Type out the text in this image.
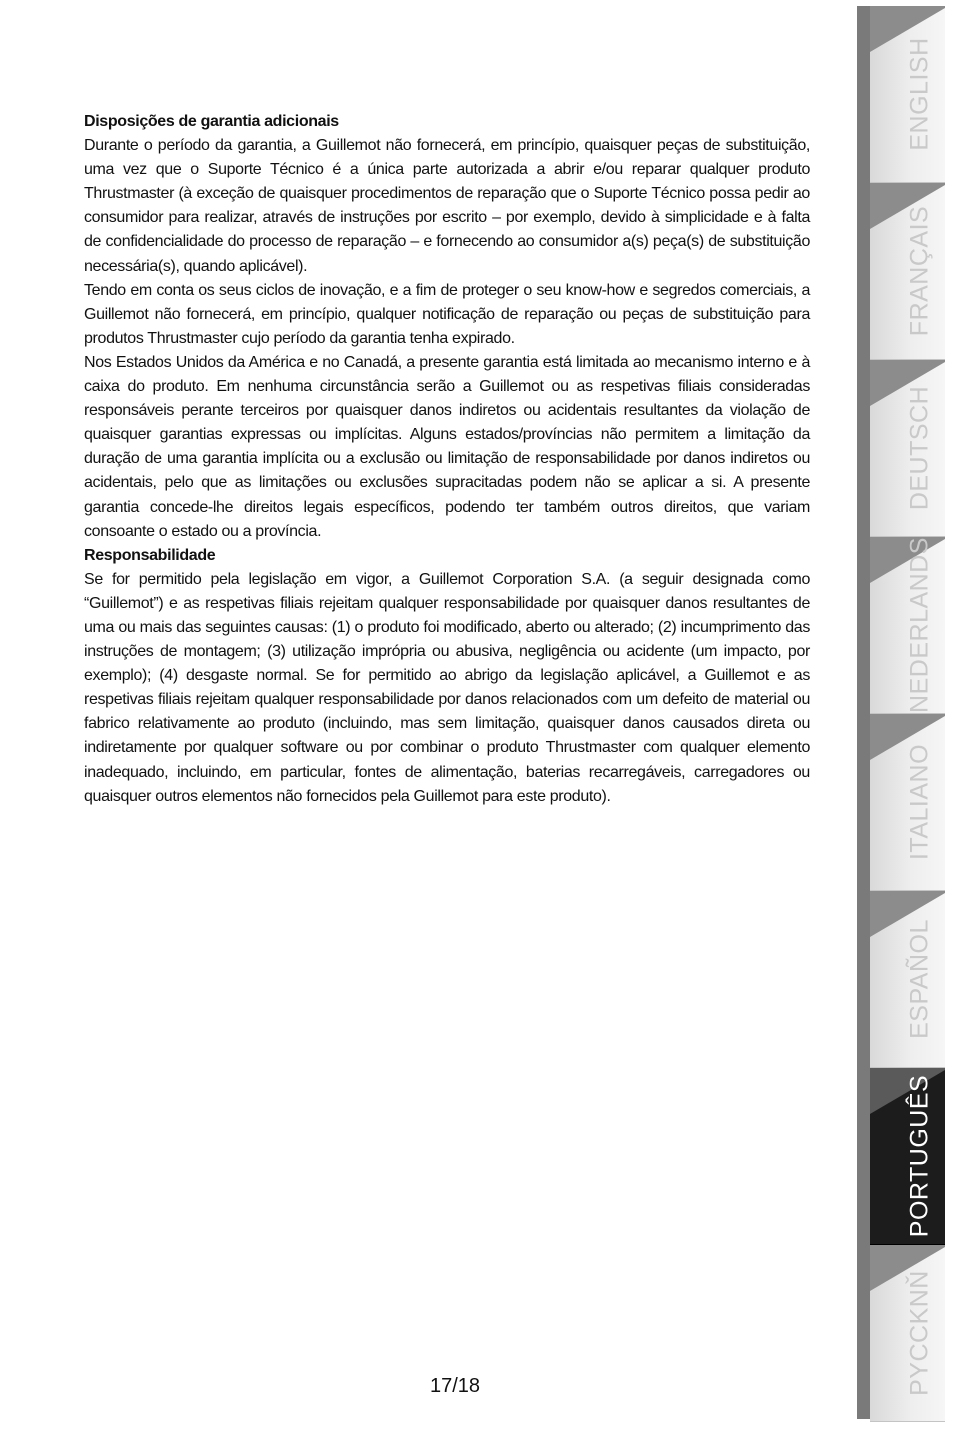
Disposições de garantia adicionais

Durante o período da garantia, a Guillemot não fornecerá, em princípio, quaisquer peças de substituição, uma vez que o Suporte Técnico é a única parte autorizada a abrir e/ou reparar qualquer produto Thrustmaster (à exceção de quaisquer procedimentos de reparação que o Suporte Técnico possa pedir ao consumidor para realizar, através de instruções por escrito – por exemplo, devido à simplicidade e à falta de confidencialidade do processo de reparação – e fornecendo ao consumidor a(s) peça(s) de substituição necessária(s), quando aplicável).

Tendo em conta os seus ciclos de inovação, e a fim de proteger o seu know-how e segredos comerciais, a Guillemot não fornecerá, em princípio, qualquer notificação de reparação ou peças de substituição para produtos Thrustmaster cujo período da garantia tenha expirado.

Nos Estados Unidos da América e no Canadá, a presente garantia está limitada ao mecanismo interno e à caixa do produto. Em nenhuma circunstância serão a Guillemot ou as respetivas filiais consideradas responsáveis perante terceiros por quaisquer danos indiretos ou acidentais resultantes da violação de quaisquer garantias expressas ou implícitas. Alguns estados/províncias não permitem a limitação da duração de uma garantia implícita ou a exclusão ou limitação de responsabilidade por danos indiretos ou acidentais, pelo que as limitações ou exclusões supracitadas podem não se aplicar a si. A presente garantia concede-lhe direitos legais específicos, podendo ter também outros direitos, que variam consoante o estado ou a província.

Responsabilidade

Se for permitido pela legislação em vigor, a Guillemot Corporation S.A. (a seguir designada como “Guillemot”) e as respetivas filiais rejeitam qualquer responsabilidade por quaisquer danos resultantes de uma ou mais das seguintes causas: (1) o produto foi modificado, aberto ou alterado; (2) incumprimento das instruções de montagem; (3) utilização imprópria ou abusiva, negligência ou acidente (um impacto, por exemplo); (4) desgaste normal. Se for permitido ao abrigo da legislação aplicável, a Guillemot e as respetivas filiais rejeitam qualquer responsabilidade por danos relacionados com um defeito de material ou fabrico relativamente ao produto (incluindo, mas sem limitação, quaisquer danos causados direta ou indiretamente por qualquer software ou por combinar o produto Thrustmaster com qualquer elemento inadequado, incluindo, em particular, fontes de alimentação, baterias recarregáveis, carregadores ou quaisquer outros elementos não fornecidos pela Guillemot para este produto).

17/18
ENGLISH
FRANÇAIS
DEUTSCH
NEDERLANDS
ITALIANO
ESPAÑOL
PORTUGUÊS
PYCCKNŇ
